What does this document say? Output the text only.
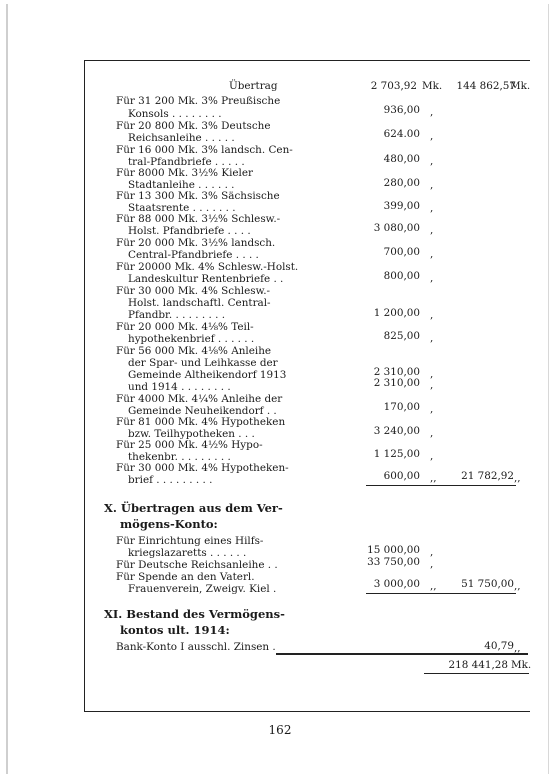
Übertrag	2 703,92 Mk. 144 862,57
Mk.
Für 31 200 Mk. 3% Preußische
Konsols . . . . . . . .	936,00 ,
Für 20 800 Mk. 3% Deutsche
Reichsanleihe . . . . .	624.00 ,
Für 16 000 Mk. 3% landsch. Cen-
tral-Pfandbriefe . . . . .	480,00 ,
Für 8000 Mk. 3½% Kieler
Stadtanleihe . . . . . .	280,00 ,
Für 13 300 Mk. 3% Sächsische
Staatsrente . . . . . . .	399,00 ,
Für 88 000 Mk. 3½% Schlesw.-
Holst. Pfandbriefe . . . .	3 080,00 ,
Für 20 000 Mk. 3½% landsch.
Central-Pfandbriefe . . . .	700,00 ,
Für 20000 Mk. 4% Schlesw.-Holst.
Landeskultur Rentenbriefe . .	800,00 ,
Für 30 000 Mk. 4% Schlesw.-
Holst. landschaftl. Central-
Pfandbr. . . . . . . . .	1 200,00 ,
Für 20 000 Mk. 4⅛% Teil-
hypothekenbrief . . . . . .	825,00 ,
Für 56 000 Mk. 4⅛% Anleihe
der Spar- und Leihkasse der
Gemeinde Altheikendorf 1913	2 310,00 ,
und 1914 . . . . . . . .	2 310,00 ,
Für 4000 Mk. 4¼% Anleihe der
Gemeinde Neuheikendorf . .	170,00 ,
Für 81 000 Mk. 4% Hypotheken
bzw. Teilhypotheken . . .	3 240,00 ,
Für 25 000 Mk. 4½% Hypo-
thekenbr. . . . . . . . .	1 125,00 ,
Für 30 000 Mk. 4% Hypotheken-
brief . . . . . . . . .	600,00 ,, 21 782,92 ,,
X. Übertragen aus dem Ver-
mögens-Konto:
Für Einrichtung eines Hilfs-
kriegslazaretts . . . . . .	15 000,00 ,
Für Deutsche Reichsanleihe . .	33 750,00 ,
Für Spende an den Vaterl.
Frauenverein, Zweigv. Kiel .	3 000,00 ,, 51 750,00 ,,
XI. Bestand des Vermögens-
kontos ult. 1914:
Bank-Konto I ausschl. Zinsen .	40,79 ,,
218 441,28 Mk.
162
